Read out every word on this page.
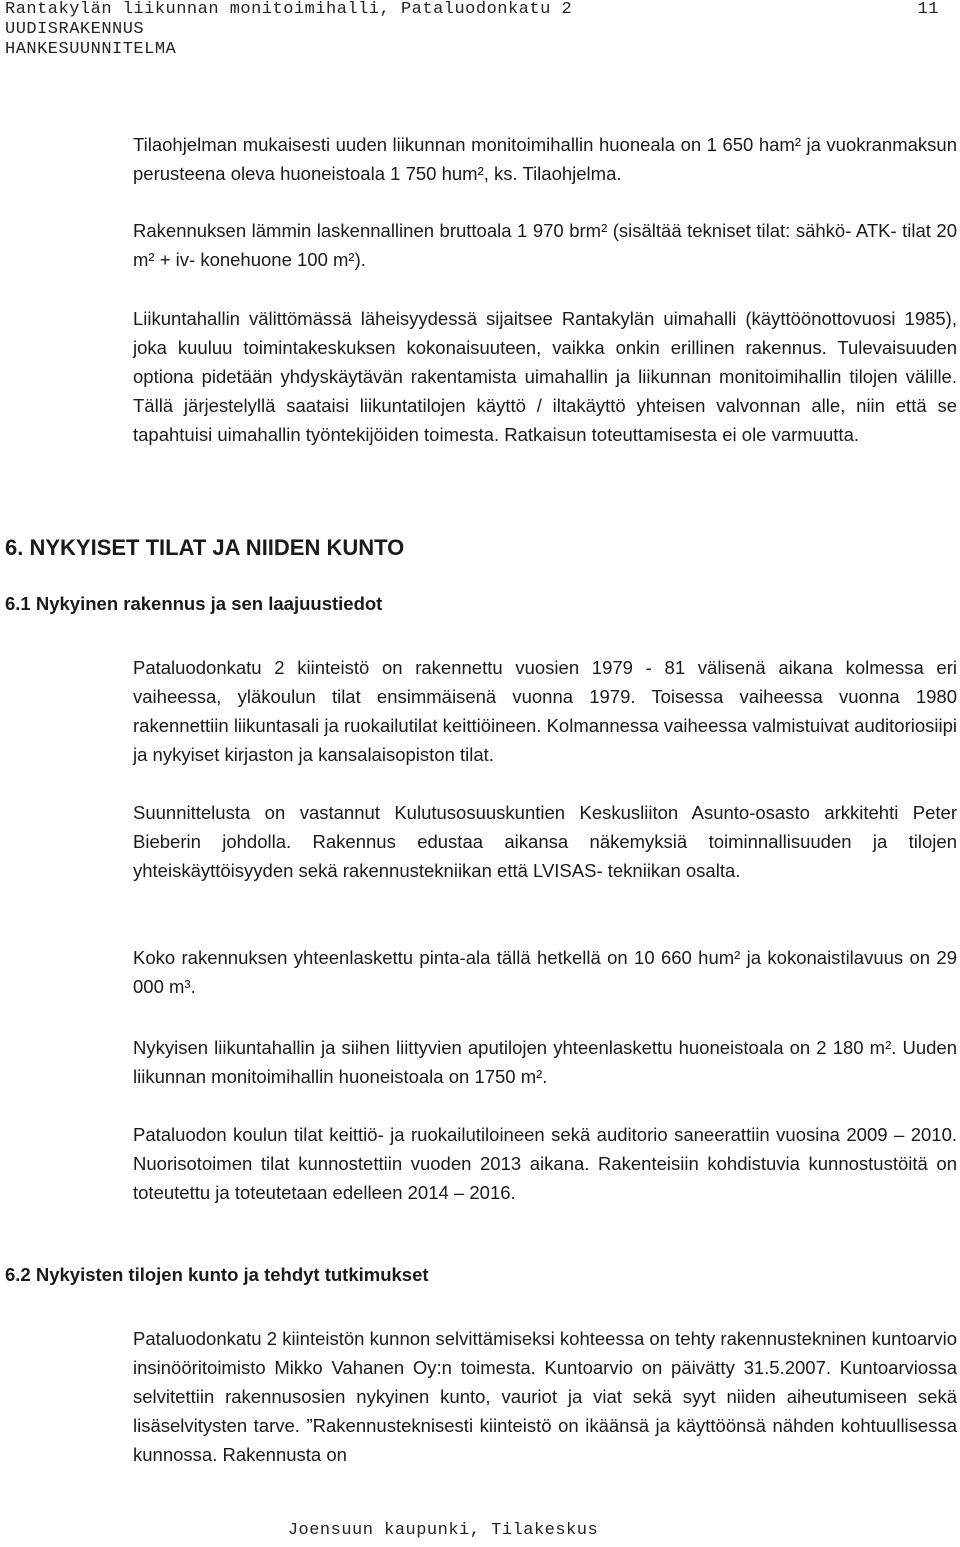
Rantakylän liikunnan monitoimihalli, Pataluodonkatu 2
UUDISRAKENNUS
HANKESUUNNITELMA
11

Tilaohjelman mukaisesti uuden liikunnan monitoimihallin huoneala on 1 650 ham² ja vuokranmaksun perusteena oleva huoneistoala 1 750 hum², ks. Tilaohjelma.

Rakennuksen lämmin laskennallinen bruttoala 1 970 brm² (sisältää tekniset tilat: sähkö- ATK- tilat 20 m² + iv- konehuone 100 m²).

Liikuntahallin välittömässä läheisyydessä sijaitsee Rantakylän uimahalli (käyttöönottovuosi 1985), joka kuuluu toimintakeskuksen kokonaisuuteen, vaikka onkin erillinen rakennus. Tulevaisuuden optiona pidetään yhdyskäytävän rakentamista uimahallin ja liikunnan monitoimihallin tilojen välille. Tällä järjestelyllä saataisi liikuntatilojen käyttö / iltakäyttö yhteisen valvonnan alle, niin että se tapahtuisi uimahallin työntekijöiden toimesta. Ratkaisun toteuttamisesta ei ole varmuutta.

6. NYKYISET TILAT JA NIIDEN KUNTO
6.1 Nykyinen rakennus ja sen laajuustiedot

Pataluodonkatu 2 kiinteistö on rakennettu vuosien 1979 - 81 välisenä aikana kolmessa eri vaiheessa, yläkoulun tilat ensimmäisenä vuonna 1979. Toisessa vaiheessa vuonna 1980 rakennettiin liikuntasali ja ruokailutilat keittiöineen. Kolmannessa vaiheessa valmistuivat auditoriosiipi ja nykyiset kirjaston ja kansalaisopiston tilat.

Suunnittelusta on vastannut Kulutusosuuskuntien Keskusliiton Asunto-osasto arkkitehti Peter Bieberin johdolla. Rakennus edustaa aikansa näkemyksiä toiminnallisuuden ja tilojen yhteiskäyttöisyyden sekä rakennustekniikan että LVISAS- tekniikan osalta.

Koko rakennuksen yhteenlaskettu pinta-ala tällä hetkellä on 10 660 hum² ja kokonaistilavuus on 29 000 m³.

Nykyisen liikuntahallin ja siihen liittyvien aputilojen yhteenlaskettu huoneistoala on 2 180 m². Uuden liikunnan monitoimihallin huoneistoala on 1750 m².

Pataluodon koulun tilat keittiö- ja ruokailutiloineen sekä auditorio saneerattiin vuosina 2009 – 2010. Nuorisotoimen tilat kunnostettiin vuoden 2013 aikana. Rakenteisiin kohdistuvia kunnostustöitä on toteutettu ja toteutetaan edelleen 2014 – 2016.

6.2 Nykyisten tilojen kunto ja tehdyt tutkimukset

Pataluodonkatu 2 kiinteistön kunnon selvittämiseksi kohteessa on tehty rakennustekninen kuntoarvio insinööritoimisto Mikko Vahanen Oy:n toimesta. Kuntoarvio on päivätty 31.5.2007. Kuntoarviossa selvitettiin rakennusosien nykyinen kunto, vauriot ja viat sekä syyt niiden aiheutumiseen sekä lisäselvitysten tarve. ”Rakennusteknisesti kiinteistö on ikäänsä ja käyttöönsä nähden kohtuullisessa kunnossa. Rakennusta on

Joensuun kaupunki, Tilakeskus
